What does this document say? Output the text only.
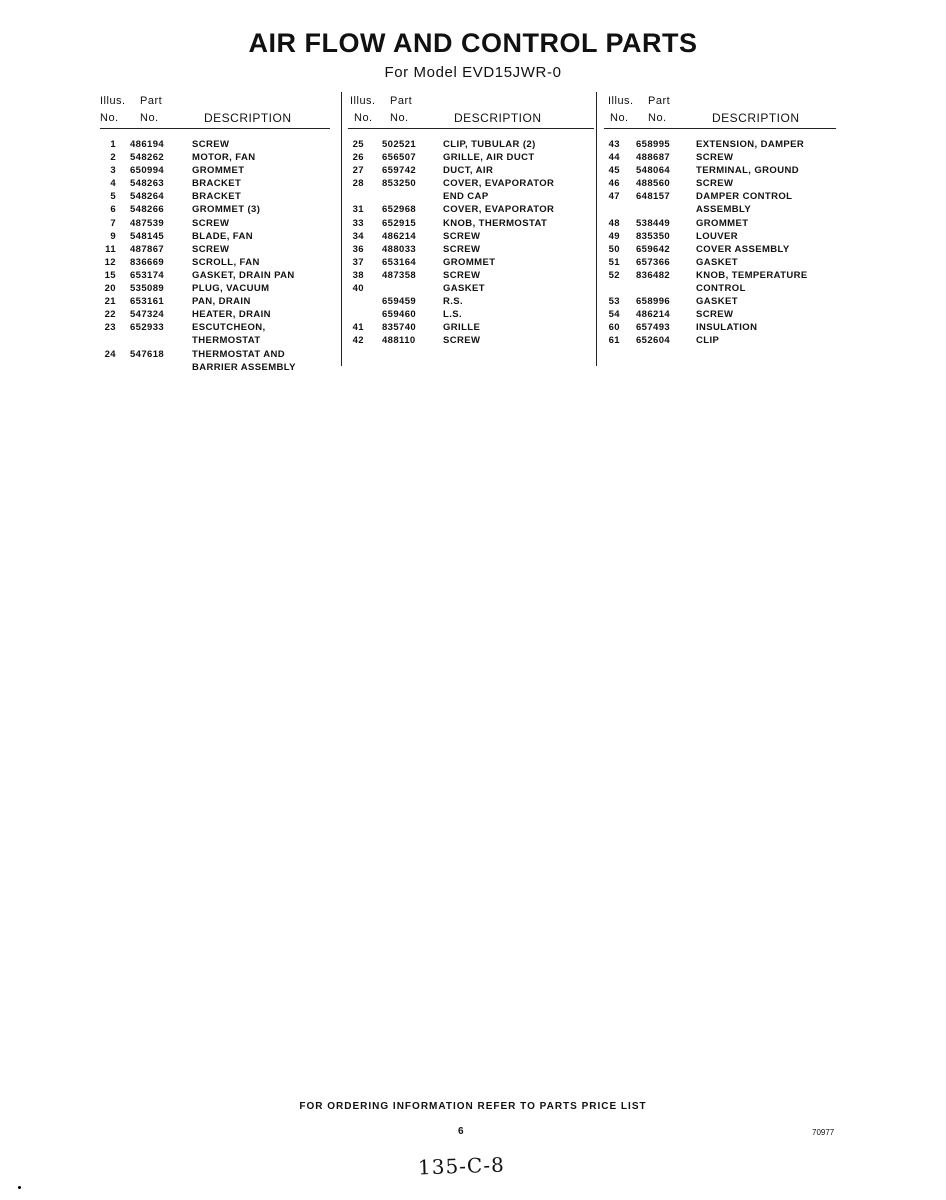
AIR FLOW AND CONTROL PARTS
For Model EVD15JWR-0
Illus. Part
No. No.	DESCRIPTION
1 486194	SCREW
2 548262	MOTOR, FAN
3 650994	GROMMET
4 548263	BRACKET
5 548264	BRACKET
6 548266	GROMMET (3)
7 487539	SCREW
9 548145	BLADE, FAN
11 487867	SCREW
12 836669	SCROLL, FAN
15 653174	GASKET, DRAIN PAN
20 535089	PLUG, VACUUM
21 653161	PAN, DRAIN
22 547324	HEATER, DRAIN
23 652933	ESCUTCHEON,
THERMOSTAT
24 547618	THERMOSTAT AND
BARRIER ASSEMBLY
Illus. Part
No. No.	DESCRIPTION
25 502521	CLIP, TUBULAR (2)
26 656507	GRILLE, AIR DUCT
27 659742	DUCT, AIR
28 853250	COVER, EVAPORATOR
END CAP
31 652968	COVER, EVAPORATOR
33 652915	KNOB, THERMOSTAT
34 486214	SCREW
36 488033	SCREW
37 653164	GROMMET
38 487358	SCREW
40	GASKET
659459	R.S.
659460	L.S.
41 835740	GRILLE
42 488110	SCREW
Illus. Part
No. No.	DESCRIPTION
43 658995	EXTENSION, DAMPER
44 488687	SCREW
45 548064	TERMINAL, GROUND
46 488560	SCREW
47 648157	DAMPER CONTROL
ASSEMBLY
48 538449	GROMMET
49 835350	LOUVER
50 659642	COVER ASSEMBLY
51 657366	GASKET
52 836482	KNOB, TEMPERATURE
CONTROL
53 658996	GASKET
54 486214	SCREW
60 657493	INSULATION
61 652604	CLIP
FOR ORDERING INFORMATION REFER TO PARTS PRICE LIST
6	70977
135-C-8
